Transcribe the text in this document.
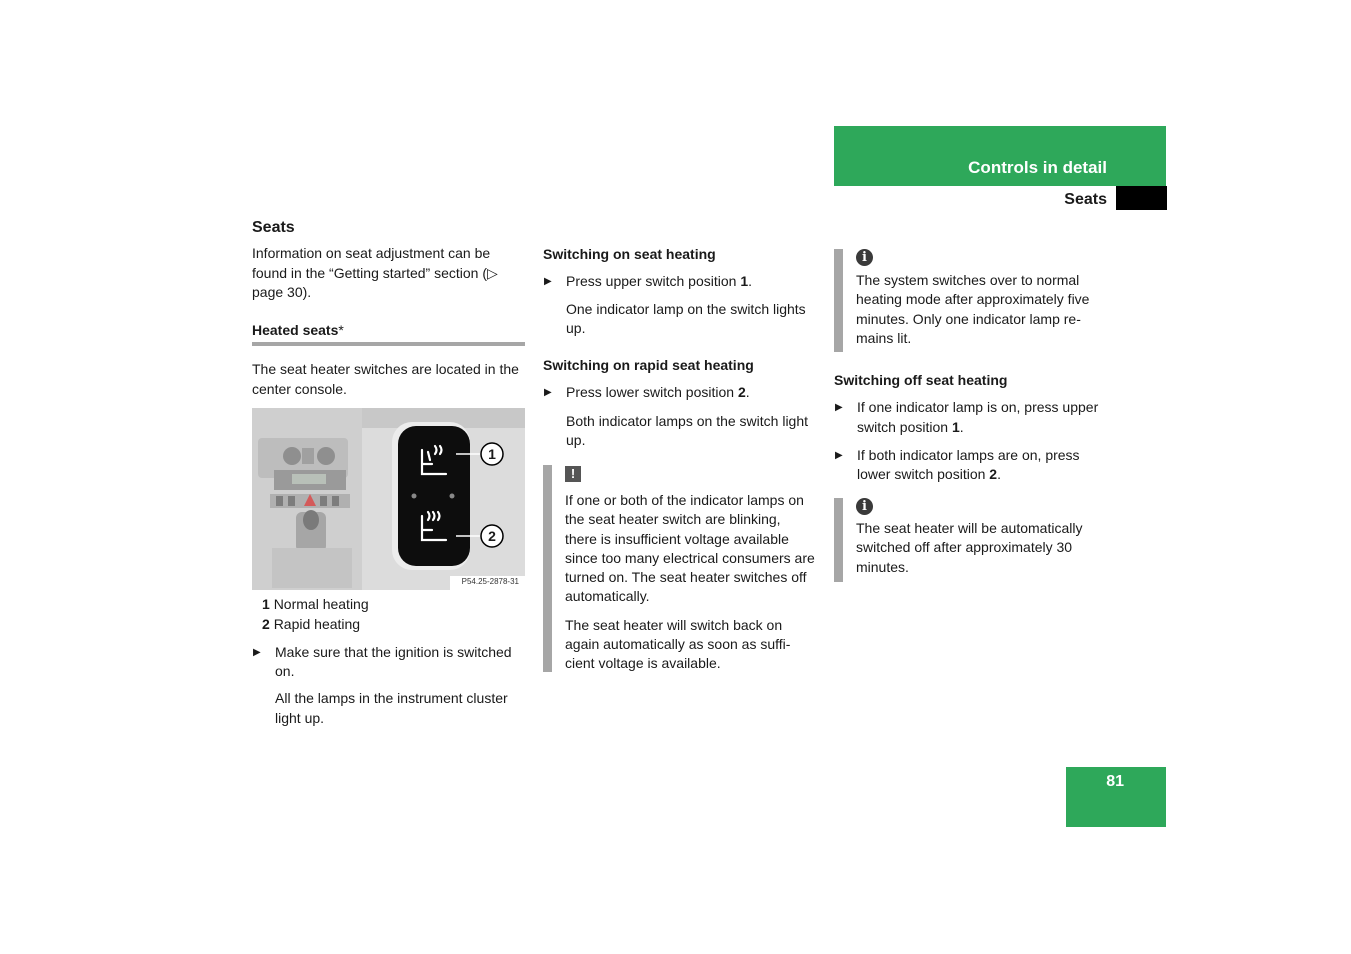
Controls in detail
Seats
Seats

Information on seat adjustment can be found in the “Getting started” section (▷ page 30).

Heated seats*

The seat heater switches are located in the center console.

1
2
P54.25-2878-31
1 Normal heating
2 Rapid heating
▶ Make sure that the ignition is switched on.

All the lamps in the instrument cluster light up.

Switching on seat heating
▶ Press upper switch position 1.

One indicator lamp on the switch lights up.

Switching on rapid seat heating
▶ Press lower switch position 2.

Both indicator lamps on the switch light up.

!

If one or both of the indicator lamps on the seat heater switch are blinking, there is insufficient voltage available since too many electrical consumers are turned on. The seat heater switches off automatically.

The seat heater will switch back on again automatically as soon as suffi-cient voltage is available.

i

The system switches over to normal heating mode after approximately five minutes. Only one indicator lamp re-mains lit.

Switching off seat heating
▶ If one indicator lamp is on, press upper switch position 1.
▶ If both indicator lamps are on, press lower switch position 2.
i

The seat heater will be automatically switched off after approximately 30 minutes.

81
